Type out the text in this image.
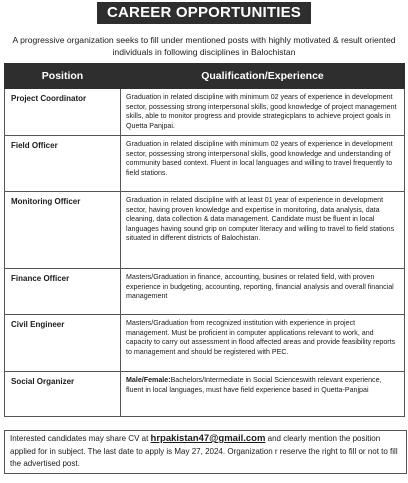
CAREER OPPORTUNITIES
A progressive organization seeks to fill under mentioned posts with highly motivated & result oriented individuals in following disciplines in Balochistan
Position	Qualification/Experience
Project Coordinator	Graduation in related discipline with minimum 02 years of experience in development sector, possessing strong interpersonal skills, good knowledge of project management skills, able to monitor progress and provide strategicplans to achieve project goals in Quetta Panjpai.
Field Officer	Graduation in related discipline with minimum 02 years of experience in development sector, possessing strong interpersonal skills, good knowledge and understanding of community based context. Fluent in local languages and willing to travel frequently to field stations.
Monitoring Officer	Graduation in related discipline with at least 01 year of experience in development sector, having proven knowledge and expertise in monitoring, data analysis, data cleaning, data collection & data management. Candidate must be fluent in local languages having sound grip on computer literacy and willing to travel to field stations situated in different districts of Balochistan.
Finance Officer	Masters/Graduation in finance, accounting, busines or related field, with proven experience in budgeting, accounting, reporting, financial analysis and overall financial management
Civil Engineer	Masters/Graduation from recognized institution with experience in project management. Must be proficient in computer applications relevant to work, and capacity to carry out assessment in flood affected areas and provide feasibility reports to management and should be registered with PEC.
Social Organizer	Male/Female:Bachelors/Intermediate in Social Scienceswith relevant experience, fluent in local languages, must have field experience based in Quetta-Panjpai
Interested candidates may share CV at hrpakistan47@gmail.com and clearly mention the position applied for in subject. The last date to apply is May 27, 2024. Organization r reserve the right to fill or not to fill the advertised post.
